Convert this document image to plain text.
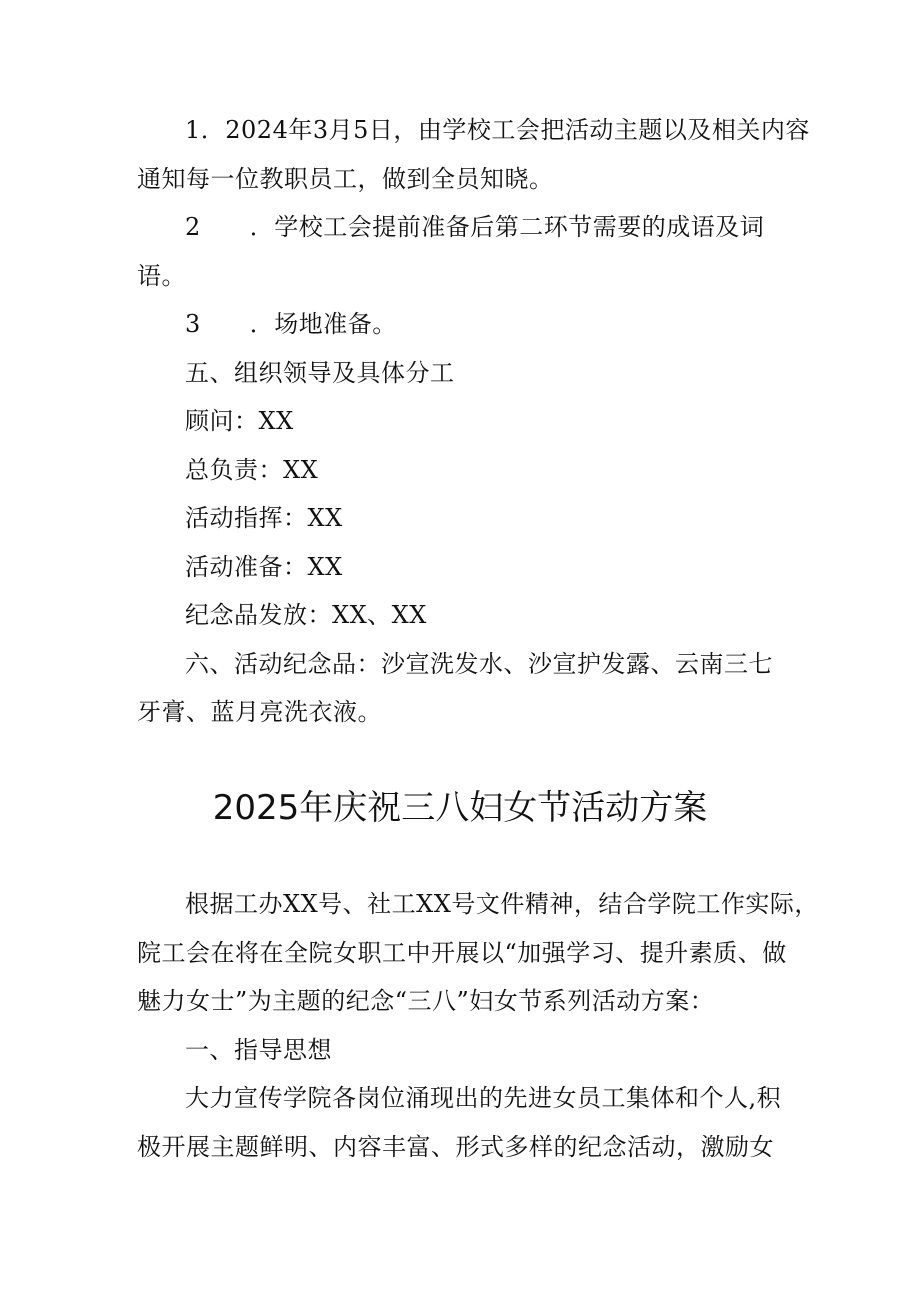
1．2024年3月5日，由学校工会把活动主题以及相关内容
通知每一位教职员工，做到全员知晓。
2　　．学校工会提前准备后第二环节需要的成语及词
语。
3　　．场地准备。
五、组织领导及具体分工
顾问：XX
总负责：XX
活动指挥：XX
活动准备：XX
纪念品发放：XX、XX
六、活动纪念品：沙宣洗发水、沙宣护发露、云南三七
牙膏、蓝月亮洗衣液。
2025年庆祝三八妇女节活动方案
根据工办XX号、社工XX号文件精神，结合学院工作实际，
院工会在将在全院女职工中开展以“加强学习、提升素质、做
魅力女士”为主题的纪念“三八”妇女节系列活动方案：
一、指导思想
大力宣传学院各岗位涌现出的先进女员工集体和个人,积
极开展主题鲜明、内容丰富、形式多样的纪念活动，激励女
